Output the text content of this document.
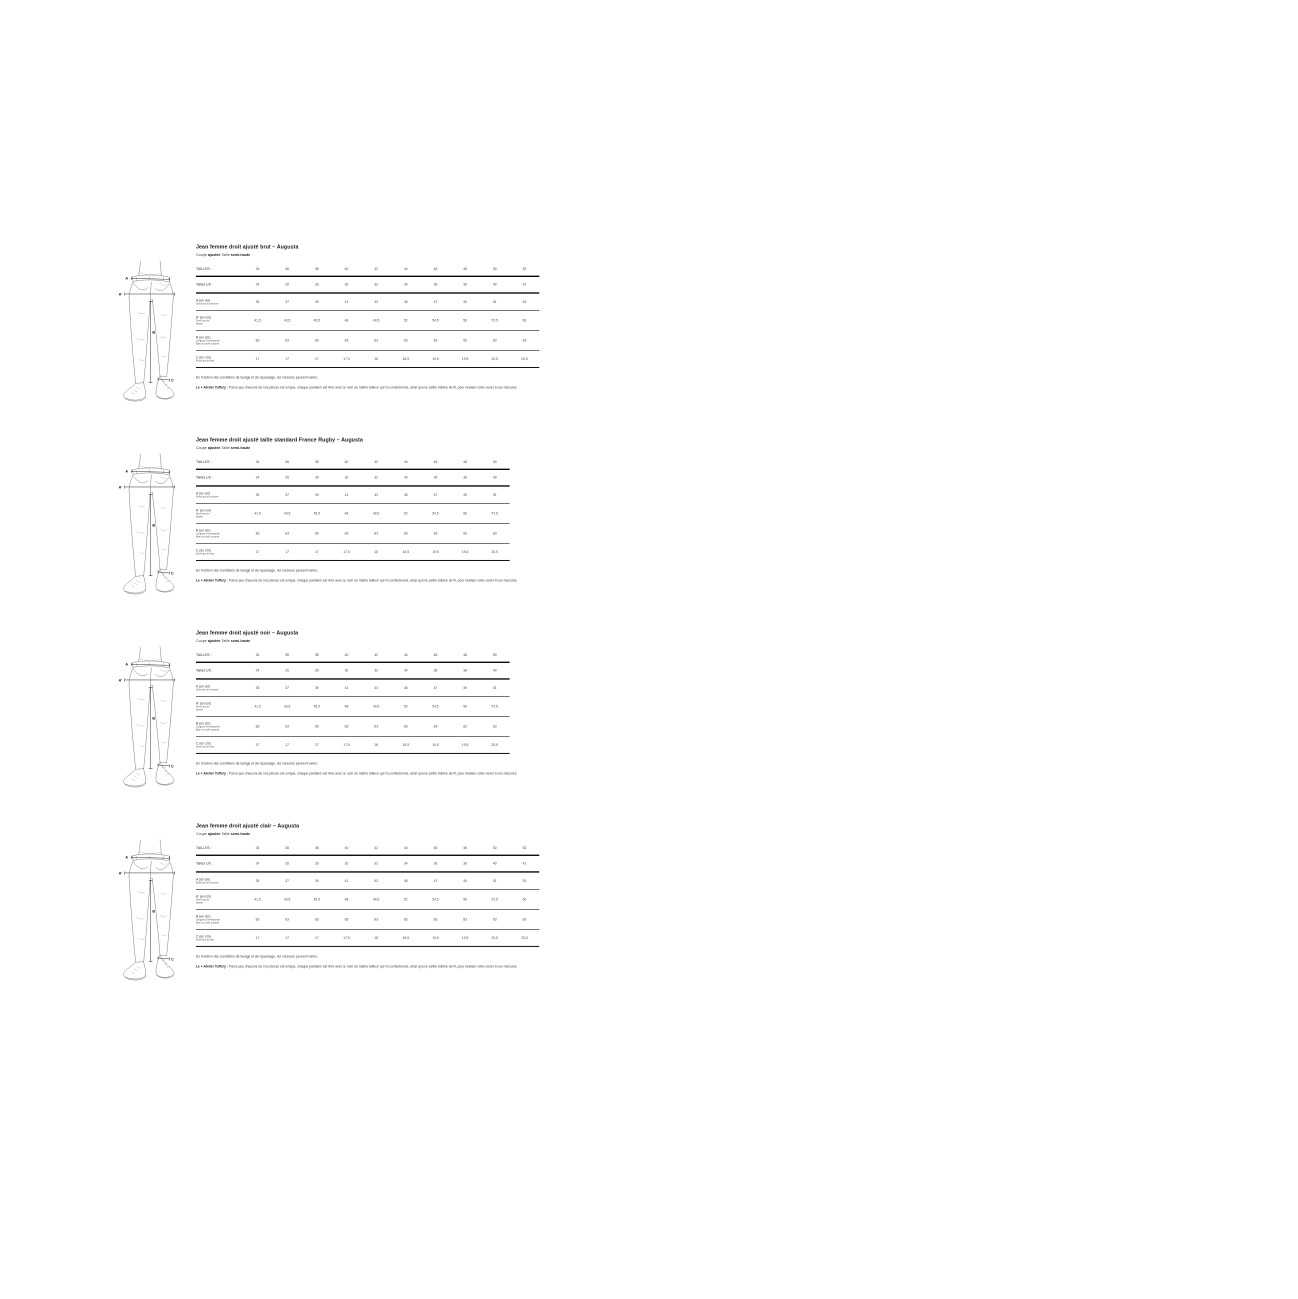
A
A'
B
C
Jean femme droit ajusté brut – Augusta

Coupe ajustée Taille semi-haute

TAILLES :	34	36	38	40	42	44	46	48	50	52
Tailles US :	24	26	28	30	32	34	36	38	40	42
A (en cm)
Demi-tour de ceinture
35	37	39	41	43	45	47	49	51	53
A' (en cm)
Demi-tour de
bassin
41,5	43,5	45,5	48	49,5	52	54,5	56	57,5	60
B (en cm)
Longueur d'entrejambe
Bas non ourlé compris
83	83	83	83	83	83	83	83	83	83
C (en cm)
Demi-tour de bas
17	17	17	17,5	18	18,5	19,5	19,5	20,5	20,5

En fonction des conditions de lavage et de repassage, les mesures peuvent varier.

Le + Atelier Tuffery : Parce que chacune de nos pièces est unique, chaque pantalon est livré avec le nom du maître tailleur qui l'a confectionné, ainsi qu'une petite bobine de fil, pour réaliser votre ourlet à vos mesures.

A
A'
B
C
Jean femme droit ajusté taille standard France Rugby – Augusta

Coupe ajustée Taille semi-haute

TAILLES :	34	36	38	40	42	44	46	48	50
Tailles US :	24	26	28	30	32	34	36	38	40
A (en cm)
Demi-tour de ceinture
35	37	39	41	43	45	47	49	51
A' (en cm)
Demi-tour de
bassin
41,5	43,5	45,5	48	49,5	52	54,5	56	57,5
B (en cm)
Longueur d'entrejambe
Bas non ourlé compris
83	83	83	83	83	83	83	83	83
C (en cm)
Demi-tour de bas
17	17	17	17,5	18	18,5	19,5	19,5	20,5

En fonction des conditions de lavage et de repassage, les mesures peuvent varier.

Le + Atelier Tuffery : Parce que chacune de nos pièces est unique, chaque pantalon est livré avec le nom du maître tailleur qui l'a confectionné, ainsi qu'une petite bobine de fil, pour réaliser votre ourlet à vos mesures.

A
A'
B
C
Jean femme droit ajusté noir – Augusta

Coupe ajustée Taille semi-haute

TAILLES :	34	36	38	40	42	44	46	48	50
Tailles US :	24	26	28	30	32	34	36	38	40
A (en cm)
Demi-tour de ceinture
35	37	39	41	43	45	47	49	51
A' (en cm)
Demi-tour de
bassin
41,5	43,5	45,5	48	49,5	52	54,5	56	57,5
B (en cm)
Longueur d'entrejambe
Bas non ourlé compris
83	83	83	83	83	83	83	83	83
C (en cm)
Demi-tour de bas
17	17	17	17,5	18	18,5	19,5	19,5	20,5

En fonction des conditions de lavage et de repassage, les mesures peuvent varier.

Le + Atelier Tuffery : Parce que chacune de nos pièces est unique, chaque pantalon est livré avec le nom du maître tailleur qui l'a confectionné, ainsi qu'une petite bobine de fil, pour réaliser votre ourlet à vos mesures.

A
A'
B
C
Jean femme droit ajusté clair – Augusta

Coupe ajustée Taille semi-haute

TAILLES :	34	36	38	40	42	44	46	48	50	52
Tailles US :	24	26	28	30	32	34	36	38	40	42
A (en cm)
Demi-tour de ceinture
35	37	39	41	43	45	47	49	51	53
A' (en cm)
Demi-tour de
bassin
41,5	43,5	45,5	48	49,5	52	54,5	56	57,5	60
B (en cm)
Longueur d'entrejambe
Bas non ourlé compris
83	83	83	83	83	83	83	83	83	83
C (en cm)
Demi-tour de bas
17	17	17	17,5	18	18,5	19,5	19,5	20,5	20,5

En fonction des conditions de lavage et de repassage, les mesures peuvent varier.

Le + Atelier Tuffery : Parce que chacune de nos pièces est unique, chaque pantalon est livré avec le nom du maître tailleur qui l'a confectionné, ainsi qu'une petite bobine de fil, pour réaliser votre ourlet à vos mesures.
